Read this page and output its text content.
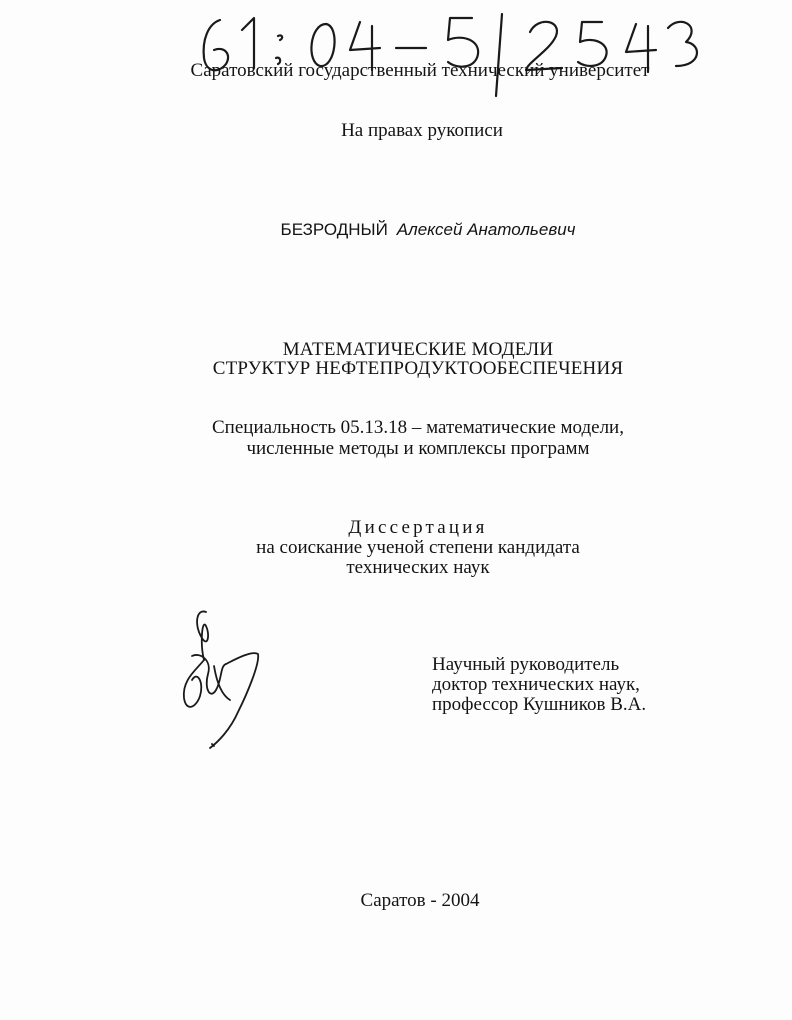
Саратовский государственный технический университет
На правах рукописи
БЕЗРОДНЫЙ Алексей Анатольевич
МАТЕМАТИЧЕСКИЕ МОДЕЛИ
СТРУКТУР НЕФТЕПРОДУКТООБЕСПЕЧЕНИЯ
Специальность 05.13.18 – математические модели,
численные методы и комплексы программ
Диссертация
на соискание ученой степени кандидата
технических наук
Научный руководитель
доктор технических наук,
профессор Кушников В.А.
Саратов - 2004
